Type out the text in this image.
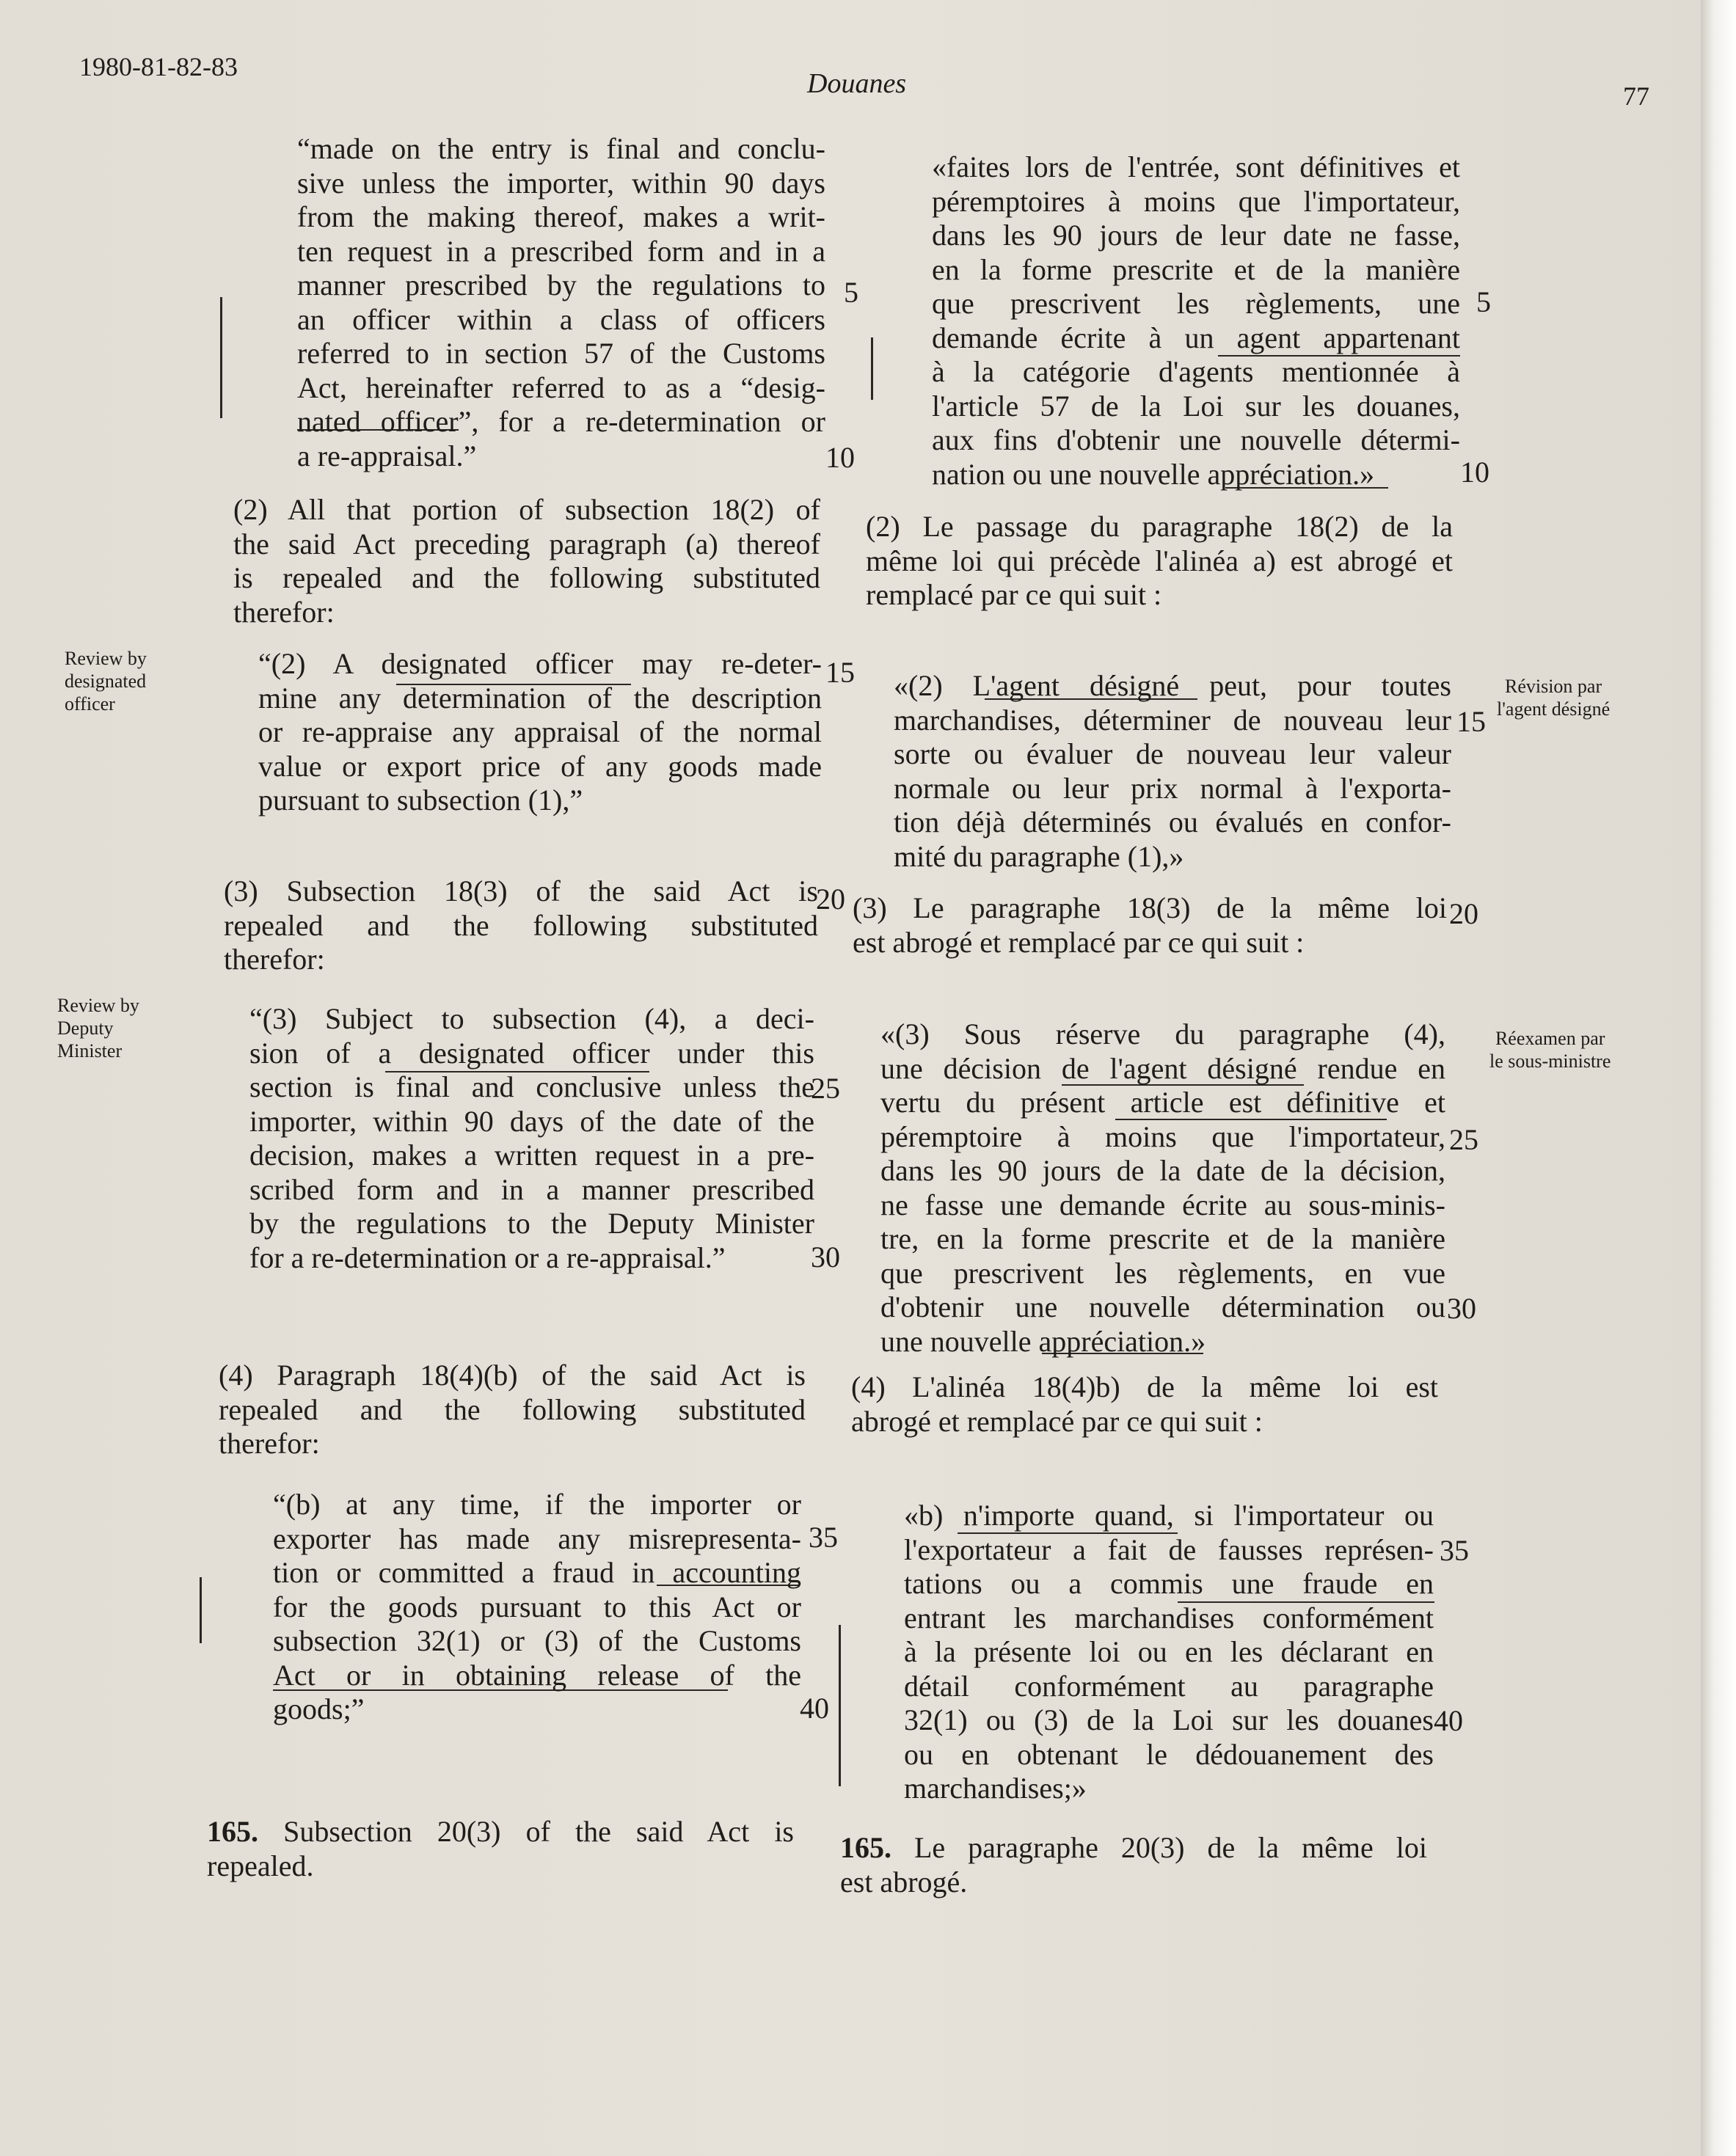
1980-81-82-83
Douanes	77
Review by
designated
officer
Review by
Deputy
Minister
Révision par
l'agent désigné
Réexamen par
le sous-ministre

“made on the entry is final and conclu-

sive unless the importer, within 90 days

from the making thereof, makes a writ-

ten request in a prescribed form and in a

manner prescribed by the regulations to

an officer within a class of officers

referred to in section 57 of the Customs

Act, hereinafter referred to as a “desig-

nated officer”, for a re-determination or

a re-appraisal.”

(2) All that portion of subsection 18(2) of

the said Act preceding paragraph (a) thereof

is repealed and the following substituted

therefor:

“(2) A designated officer may re-deter-

mine any determination of the description

or re-appraise any appraisal of the normal

value or export price of any goods made

pursuant to subsection (1),”

(3) Subsection 18(3) of the said Act is

repealed and the following substituted

therefor:

“(3) Subject to subsection (4), a deci-

sion of a designated officer under this

section is final and conclusive unless the

importer, within 90 days of the date of the

decision, makes a written request in a pre-

scribed form and in a manner prescribed

by the regulations to the Deputy Minister

for a re-determination or a re-appraisal.”

(4) Paragraph 18(4)(b) of the said Act is

repealed and the following substituted

therefor:

“(b) at any time, if the importer or

exporter has made any misrepresenta-

tion or committed a fraud in accounting

for the goods pursuant to this Act or

subsection 32(1) or (3) of the Customs

Act or in obtaining release of the

goods;”

165. Subsection 20(3) of the said Act is

repealed.

5
10
15
20
25
30
35
40

«faites lors de l'entrée, sont définitives et

péremptoires à moins que l'importateur,

dans les 90 jours de leur date ne fasse,

en la forme prescrite et de la manière

que prescrivent les règlements, une

demande écrite à un agent appartenant

à la catégorie d'agents mentionnée à

l'article 57 de la Loi sur les douanes,

aux fins d'obtenir une nouvelle détermi-

nation ou une nouvelle appréciation.»

(2) Le passage du paragraphe 18(2) de la

même loi qui précède l'alinéa a) est abrogé et

remplacé par ce qui suit :

«(2) L'agent désigné peut, pour toutes

marchandises, déterminer de nouveau leur

sorte ou évaluer de nouveau leur valeur

normale ou leur prix normal à l'exporta-

tion déjà déterminés ou évalués en confor-

mité du paragraphe (1),»

(3) Le paragraphe 18(3) de la même loi

est abrogé et remplacé par ce qui suit :

«(3) Sous réserve du paragraphe (4),

une décision de l'agent désigné rendue en

vertu du présent article est définitive et

péremptoire à moins que l'importateur,

dans les 90 jours de la date de la décision,

ne fasse une demande écrite au sous-minis-

tre, en la forme prescrite et de la manière

que prescrivent les règlements, en vue

d'obtenir une nouvelle détermination ou

une nouvelle appréciation.»

(4) L'alinéa 18(4)b) de la même loi est

abrogé et remplacé par ce qui suit :

«b) n'importe quand, si l'importateur ou

l'exportateur a fait de fausses représen-

tations ou a commis une fraude en

entrant les marchandises conformément

à la présente loi ou en les déclarant en

détail conformément au paragraphe

32(1) ou (3) de la Loi sur les douanes

ou en obtenant le dédouanement des

marchandises;»

165. Le paragraphe 20(3) de la même loi

est abrogé.

5
10
15
20
25
30
35
40
